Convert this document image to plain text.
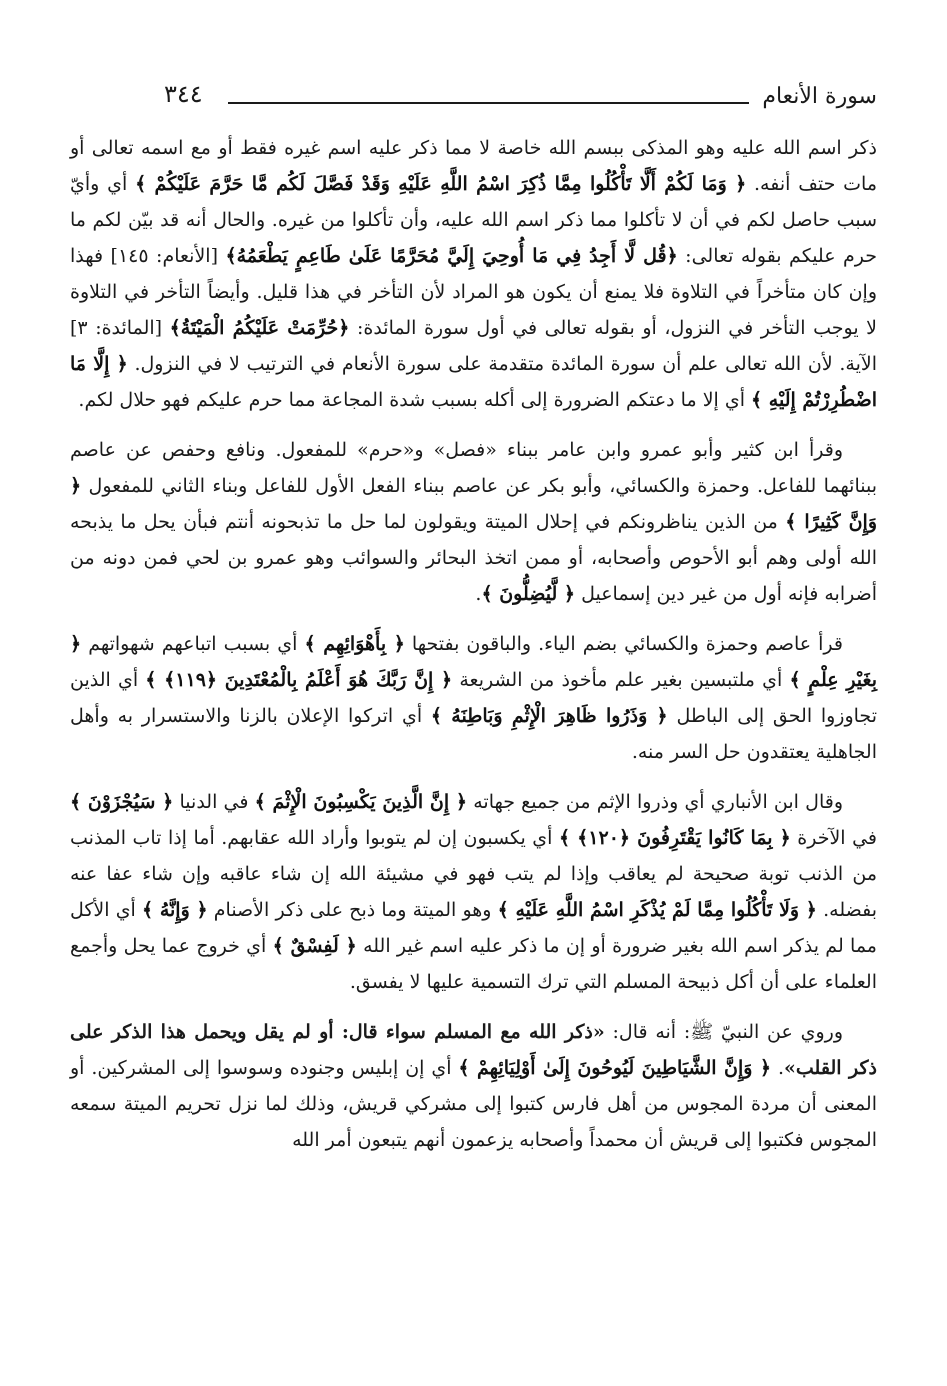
سورة الأنعام
٣٤٤

ذكر اسم الله عليه وهو المذكى ببسم الله خاصة لا مما ذكر عليه اسم غيره فقط أو مع اسمه تعالى أو مات حتف أنفه. ﴿ وَمَا لَكُمْ أَلَّا تَأْكُلُوا مِمَّا ذُكِرَ اسْمُ اللَّهِ عَلَيْهِ وَقَدْ فَصَّلَ لَكُم مَّا حَرَّمَ عَلَيْكُمْ ﴾ أي وأيّ سبب حاصل لكم في أن لا تأكلوا مما ذكر اسم الله عليه، وأن تأكلوا من غيره. والحال أنه قد بيّن لكم ما حرم عليكم بقوله تعالى: ﴿قُل لَّا أَجِدُ فِي مَا أُوحِيَ إِلَيَّ مُحَرَّمًا عَلَىٰ طَاعِمٍ يَطْعَمُهُ﴾ [الأنعام: ١٤٥] فهذا وإن كان متأخراً في التلاوة فلا يمنع أن يكون هو المراد لأن التأخر في هذا قليل. وأيضاً التأخر في التلاوة لا يوجب التأخر في النزول، أو بقوله تعالى في أول سورة المائدة: ﴿حُرِّمَتْ عَلَيْكُمُ الْمَيْتَةُ﴾ [المائدة: ٣] الآية. لأن الله تعالى علم أن سورة المائدة متقدمة على سورة الأنعام في الترتيب لا في النزول. ﴿ إِلَّا مَا اضْطُرِرْتُمْ إِلَيْهِ ﴾ أي إلا ما دعتكم الضرورة إلى أكله بسبب شدة المجاعة مما حرم عليكم فهو حلال لكم.

وقرأ ابن كثير وأبو عمرو وابن عامر ببناء «فصل» و«حرم» للمفعول. ونافع وحفص عن عاصم ببنائهما للفاعل. وحمزة والكسائي، وأبو بكر عن عاصم ببناء الفعل الأول للفاعل وبناء الثاني للمفعول ﴿ وَإِنَّ كَثِيرًا ﴾ من الذين يناظرونكم في إحلال الميتة ويقولون لما حل ما تذبحونه أنتم فبأن يحل ما يذبحه الله أولى وهم أبو الأحوص وأصحابه، أو ممن اتخذ البحائر والسوائب وهو عمرو بن لحي فمن دونه من أضرابه فإنه أول من غير دين إسماعيل ﴿ لَّيُضِلُّونَ ﴾.

قرأ عاصم وحمزة والكسائي بضم الياء. والباقون بفتحها ﴿ بِأَهْوَائِهِم ﴾ أي بسبب اتباعهم شهواتهم ﴿ بِغَيْرِ عِلْمٍ ﴾ أي ملتبسين بغير علم مأخوذ من الشريعة ﴿ إِنَّ رَبَّكَ هُوَ أَعْلَمُ بِالْمُعْتَدِينَ ﴿١١٩﴾ ﴾ أي الذين تجاوزوا الحق إلى الباطل ﴿ وَذَرُوا ظَاهِرَ الْإِثْمِ وَبَاطِنَهُ ﴾ أي اتركوا الإعلان بالزنا والاستسرار به وأهل الجاهلية يعتقدون حل السر منه.

وقال ابن الأنباري أي وذروا الإثم من جميع جهاته ﴿ إِنَّ الَّذِينَ يَكْسِبُونَ الْإِثْمَ ﴾ في الدنيا ﴿ سَيُجْزَوْنَ ﴾ في الآخرة ﴿ بِمَا كَانُوا يَقْتَرِفُونَ ﴿١٢٠﴾ ﴾ أي يكسبون إن لم يتوبوا وأراد الله عقابهم. أما إذا تاب المذنب من الذنب توبة صحيحة لم يعاقب وإذا لم يتب فهو في مشيئة الله إن شاء عاقبه وإن شاء عفا عنه بفضله. ﴿ وَلَا تَأْكُلُوا مِمَّا لَمْ يُذْكَرِ اسْمُ اللَّهِ عَلَيْهِ ﴾ وهو الميتة وما ذبح على ذكر الأصنام ﴿ وَإِنَّهُ ﴾ أي الأكل مما لم يذكر اسم الله بغير ضرورة أو إن ما ذكر عليه اسم غير الله ﴿ لَفِسْقٌ ﴾ أي خروج عما يحل وأجمع العلماء على أن أكل ذبيحة المسلم التي ترك التسمية عليها لا يفسق.

وروي عن النبيّ ﷺ: أنه قال: «ذكر الله مع المسلم سواء قال: أو لم يقل ويحمل هذا الذكر على ذكر القلب». ﴿ وَإِنَّ الشَّيَاطِينَ لَيُوحُونَ إِلَىٰ أَوْلِيَائِهِمْ ﴾ أي إن إبليس وجنوده وسوسوا إلى المشركين. أو المعنى أن مردة المجوس من أهل فارس كتبوا إلى مشركي قريش، وذلك لما نزل تحريم الميتة سمعه المجوس فكتبوا إلى قريش أن محمداً وأصحابه يزعمون أنهم يتبعون أمر الله
